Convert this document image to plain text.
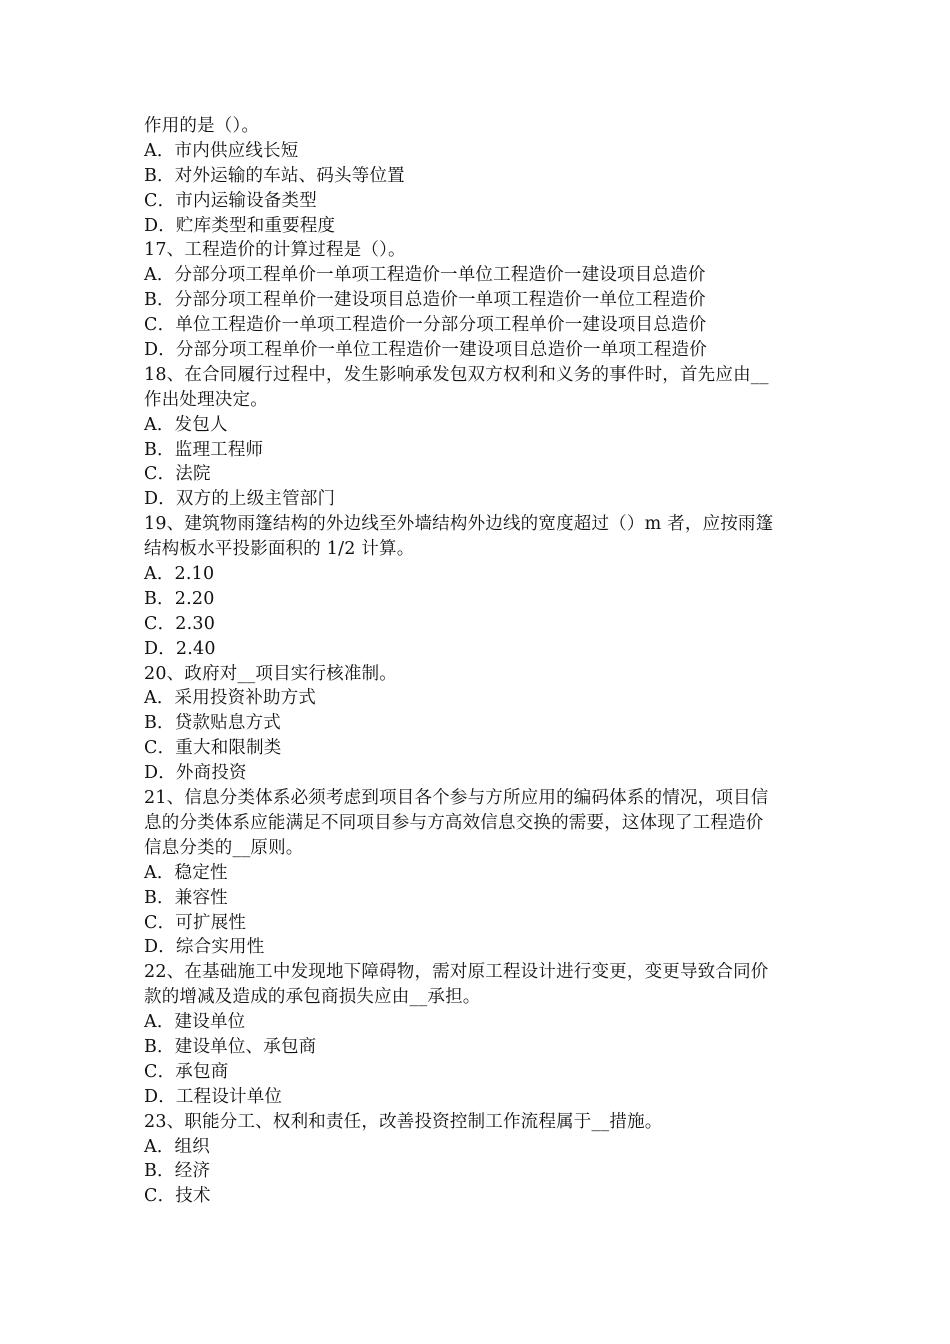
作用的是（）。
A．市内供应线长短
B．对外运输的车站、码头等位置
C．市内运输设备类型
D．贮库类型和重要程度
17、工程造价的计算过程是（）。
A．分部分项工程单价一单项工程造价一单位工程造价一建设项目总造价
B．分部分项工程单价一建设项目总造价一单项工程造价一单位工程造价
C．单位工程造价一单项工程造价一分部分项工程单价一建设项目总造价
D．分部分项工程单价一单位工程造价一建设项目总造价一单项工程造价
18、在合同履行过程中，发生影响承发包双方权利和义务的事件时，首先应由__
作出处理决定。
A．发包人
B．监理工程师
C．法院
D．双方的上级主管部门
19、建筑物雨篷结构的外边线至外墙结构外边线的宽度超过（）m 者，应按雨篷
结构板水平投影面积的 1/2 计算。
A．2.10
B．2.20
C．2.30
D．2.40
20、政府对__项目实行核准制。
A．采用投资补助方式
B．贷款贴息方式
C．重大和限制类
D．外商投资
21、信息分类体系必须考虑到项目各个参与方所应用的编码体系的情况，项目信
息的分类体系应能满足不同项目参与方高效信息交换的需要，这体现了工程造价
信息分类的__原则。
A．稳定性
B．兼容性
C．可扩展性
D．综合实用性
22、在基础施工中发现地下障碍物，需对原工程设计进行变更，变更导致合同价
款的增减及造成的承包商损失应由__承担。
A．建设单位
B．建设单位、承包商
C．承包商
D．工程设计单位
23、职能分工、权利和责任，改善投资控制工作流程属于__措施。
A．组织
B．经济
C．技术
